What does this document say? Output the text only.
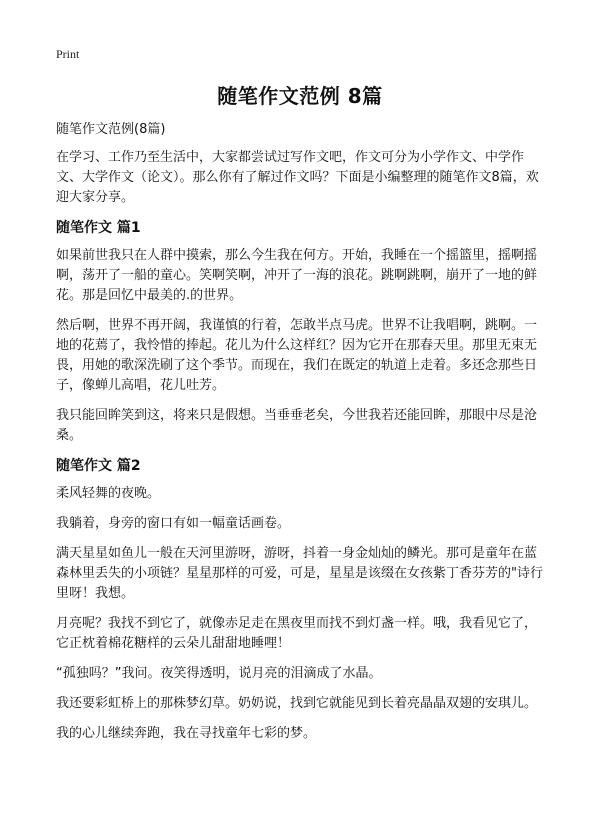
Print
随笔作文范例 8篇

随笔作文范例(8篇)

在学习、工作乃至生活中，大家都尝试过写作文吧，作文可分为小学作文、中学作文、大学作文（论文）。那么你有了解过作文吗？下面是小编整理的随笔作文8篇，欢迎大家分享。

随笔作文 篇1

如果前世我只在人群中摸索，那么今生我在何方。开始，我睡在一个摇篮里，摇啊摇啊，荡开了一船的童心。笑啊笑啊，冲开了一海的浪花。跳啊跳啊，崩开了一地的鲜花。那是回忆中最美的.的世界。

然后啊，世界不再开阔，我谨慎的行着，怎敢半点马虎。世界不让我唱啊，跳啊。一地的花蔫了，我怜惜的捧起。花儿为什么这样红？因为它开在那春天里。那里无束无畏，用她的歌深洗刷了这个季节。而现在，我们在既定的轨道上走着。多还念那些日子，像蝉儿高唱，花儿吐芳。

我只能回眸笑到这，将来只是假想。当垂垂老矣，今世我若还能回眸，那眼中尽是沧桑。

随笔作文 篇2

柔风轻舞的夜晚。

我躺着，身旁的窗口有如一幅童话画卷。

满天星星如鱼儿一般在天河里游呀，游呀，抖着一身金灿灿的鳞光。那可是童年在蓝森林里丢失的小项链？星星那样的可爱，可是，星星是该缀在女孩紫丁香芬芳的"诗行里呀！我想。

月亮呢？我找不到它了，就像赤足走在黑夜里而找不到灯盏一样。哦，我看见它了，它正枕着棉花糖样的云朵儿甜甜地睡哩！

“孤独吗？”我问。夜笑得透明，说月亮的泪滴成了水晶。

我还要彩虹桥上的那株梦幻草。奶奶说，找到它就能见到长着亮晶晶双翅的安琪儿。

我的心儿继续奔跑，我在寻找童年七彩的梦。
